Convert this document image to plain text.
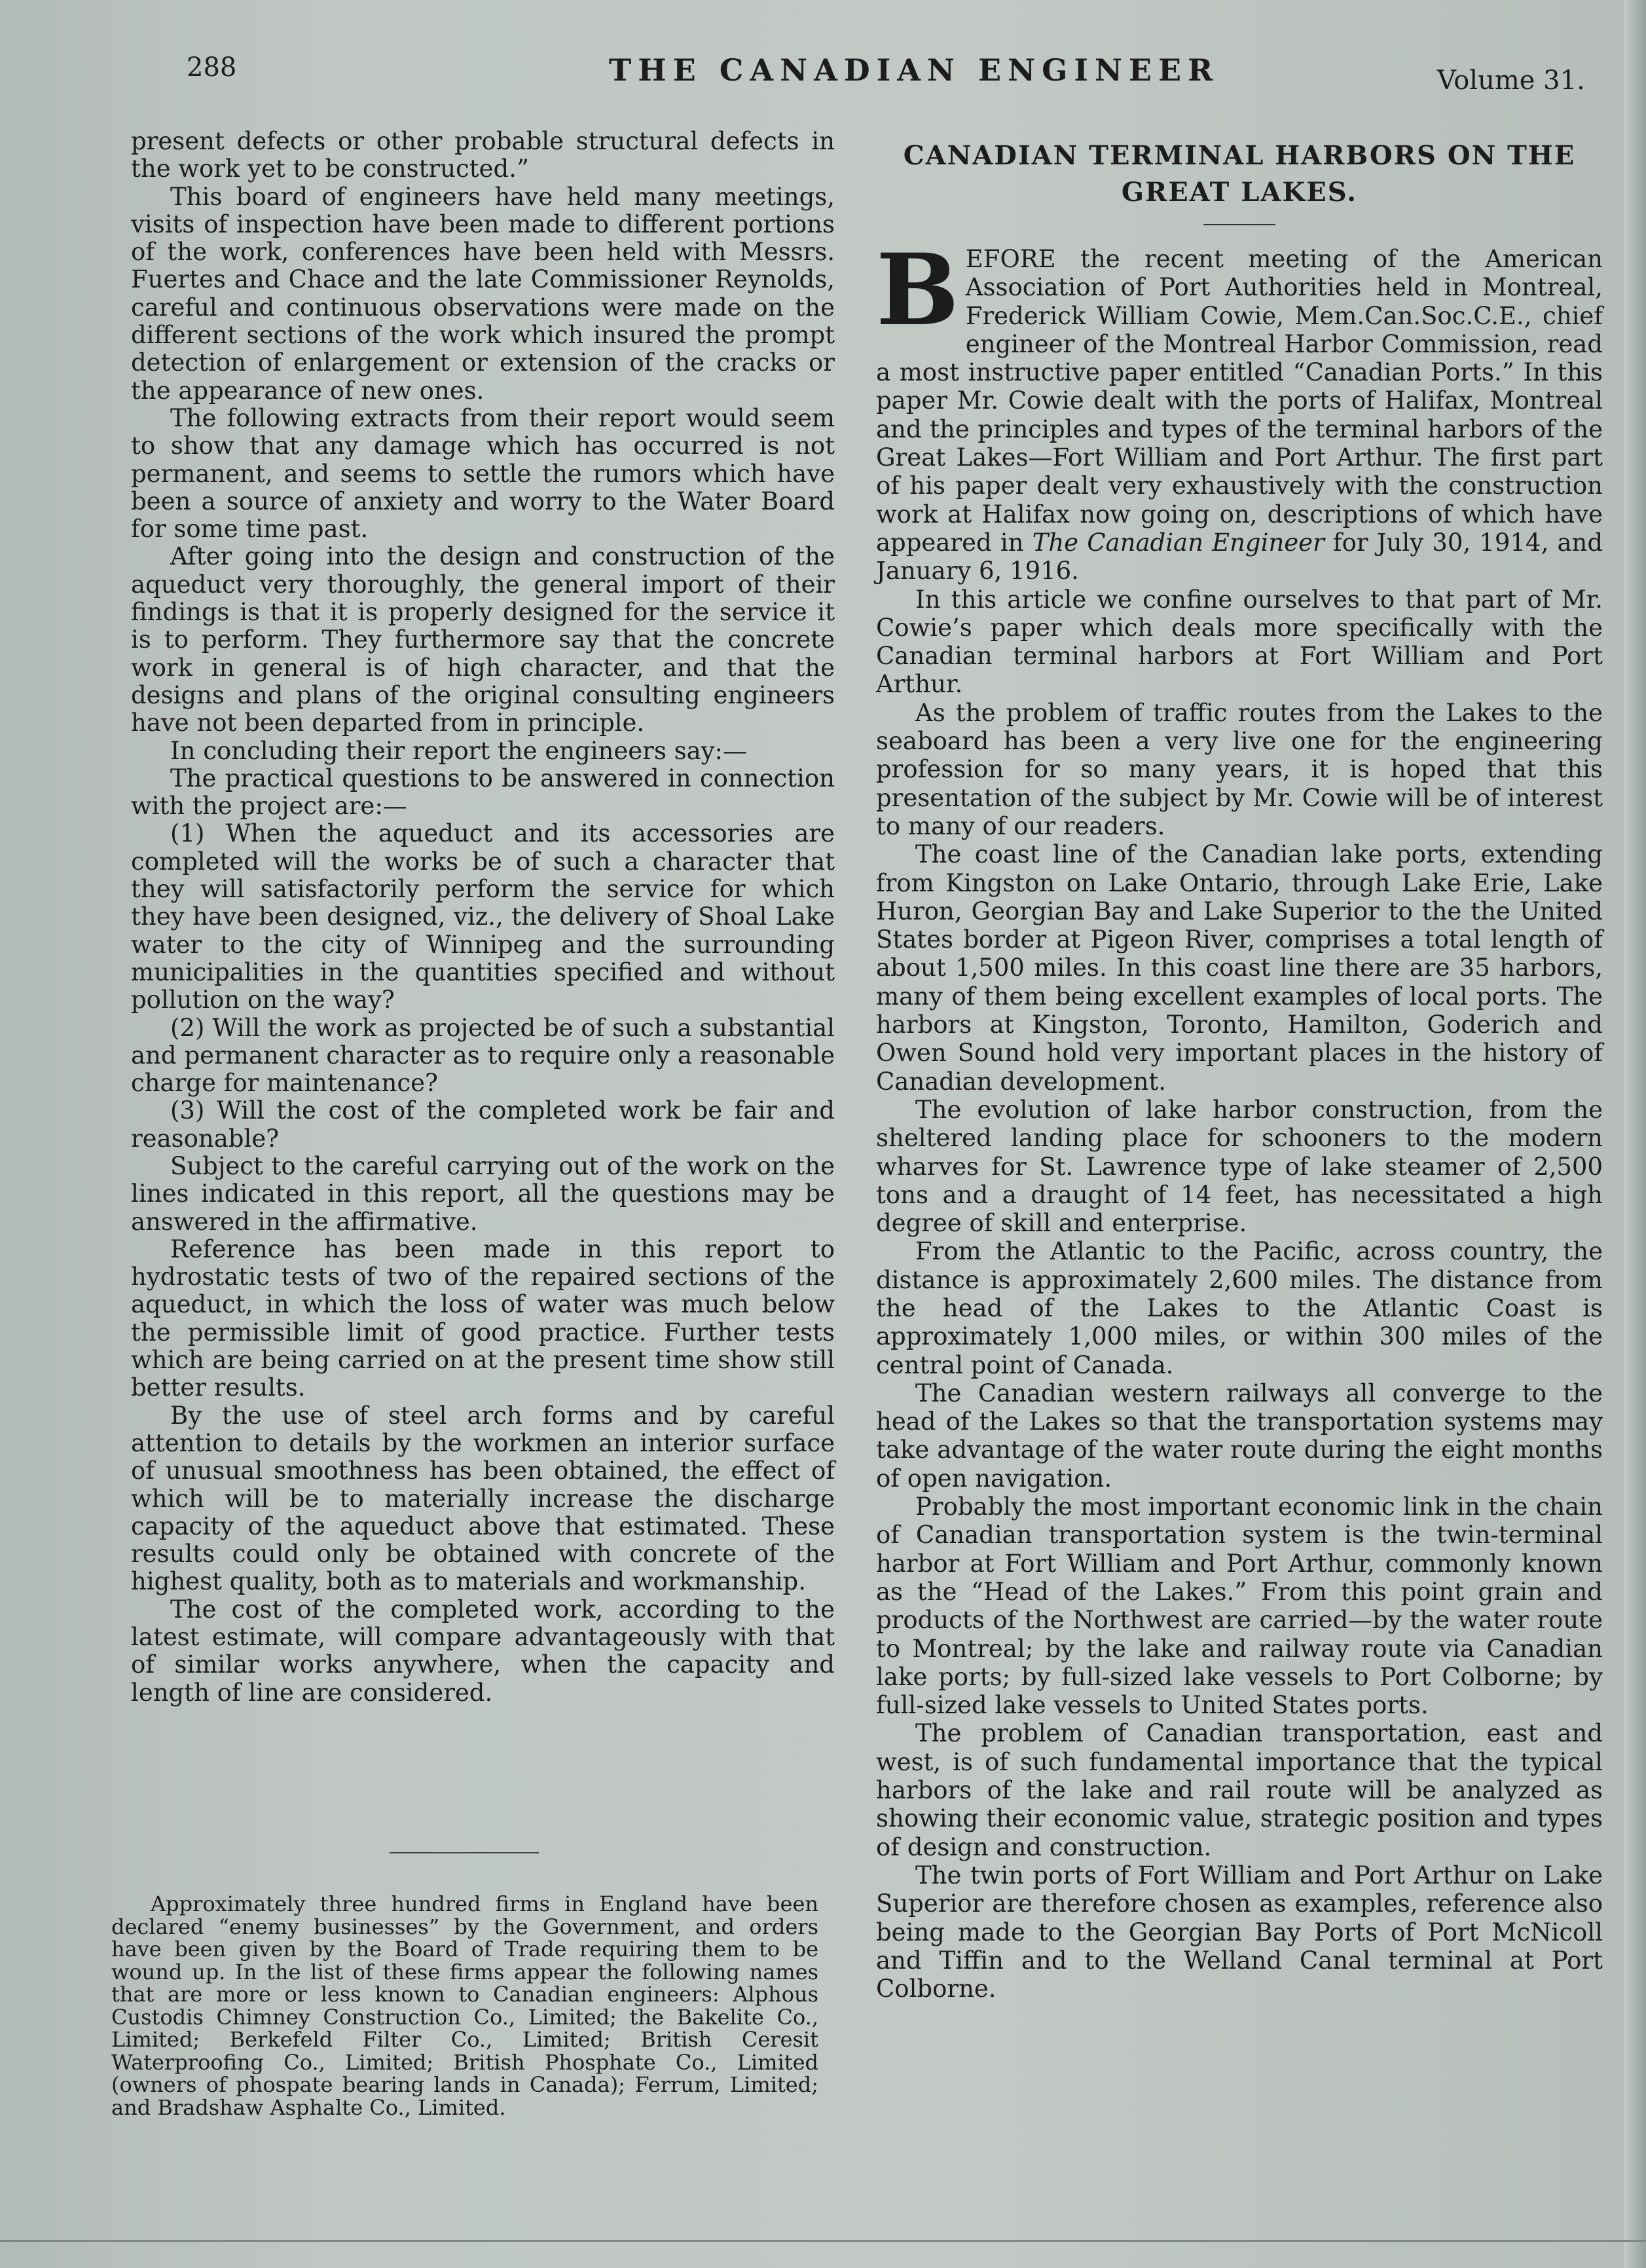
288	THE CANADIAN ENGINEER	Volume 31.

present defects or other probable structural defects in the work yet to be constructed.”

This board of engineers have held many meetings, visits of inspection have been made to different portions of the work, conferences have been held with Messrs. Fuertes and Chace and the late Commissioner Reynolds, careful and continuous observations were made on the different sections of the work which insured the prompt detection of enlargement or extension of the cracks or the appearance of new ones.

The following extracts from their report would seem to show that any damage which has occurred is not permanent, and seems to settle the rumors which have been a source of anxiety and worry to the Water Board for some time past.

After going into the design and construction of the aqueduct very thoroughly, the general import of their findings is that it is properly designed for the service it is to perform. They furthermore say that the concrete work in general is of high character, and that the designs and plans of the original consulting engineers have not been departed from in principle.

In concluding their report the engineers say:—

The practical questions to be answered in connection with the project are:—

(1) When the aqueduct and its accessories are completed will the works be of such a character that they will satisfactorily perform the service for which they have been designed, viz., the delivery of Shoal Lake water to the city of Winnipeg and the surrounding municipalities in the quantities specified and without pollution on the way?

(2) Will the work as projected be of such a substantial and permanent character as to require only a reasonable charge for maintenance?

(3) Will the cost of the completed work be fair and reasonable?

Subject to the careful carrying out of the work on the lines indicated in this report, all the questions may be answered in the affirmative.

Reference has been made in this report to hydrostatic tests of two of the repaired sections of the aqueduct, in which the loss of water was much below the permissible limit of good practice. Further tests which are being carried on at the present time show still better results.

By the use of steel arch forms and by careful attention to details by the workmen an interior surface of unusual smoothness has been obtained, the effect of which will be to materially increase the discharge capacity of the aqueduct above that estimated. These results could only be obtained with concrete of the highest quality, both as to materials and workmanship.

The cost of the completed work, according to the latest estimate, will compare advantageously with that of similar works anywhere, when the capacity and length of line are considered.

Approximately three hundred firms in England have been declared “enemy businesses” by the Government, and orders have been given by the Board of Trade requiring them to be wound up. In the list of these firms appear the following names that are more or less known to Canadian engineers: Alphous Custodis Chimney Construction Co., Limited; the Bakelite Co., Limited; Berkefeld Filter Co., Limited; British Ceresit Waterproofing Co., Limited; British Phosphate Co., Limited (owners of phospate bearing lands in Canada); Ferrum, Limited; and Bradshaw Asphalte Co., Limited.

CANADIAN TERMINAL HARBORS ON THE GREAT LAKES.

BEFORE the recent meeting of the American Association of Port Authorities held in Montreal, Frederick William Cowie, Mem.Can.Soc.C.E., chief engineer of the Montreal Harbor Commission, read a most instructive paper entitled “Canadian Ports.” In this paper Mr. Cowie dealt with the ports of Halifax, Montreal and the principles and types of the terminal harbors of the Great Lakes—Fort William and Port Arthur. The first part of his paper dealt very exhaustively with the construction work at Halifax now going on, descriptions of which have appeared in The Canadian Engineer for July 30, 1914, and January 6, 1916.

In this article we confine ourselves to that part of Mr. Cowie’s paper which deals more specifically with the Canadian terminal harbors at Fort William and Port Arthur.

As the problem of traffic routes from the Lakes to the seaboard has been a very live one for the engineering profession for so many years, it is hoped that this presentation of the subject by Mr. Cowie will be of interest to many of our readers.

The coast line of the Canadian lake ports, extending from Kingston on Lake Ontario, through Lake Erie, Lake Huron, Georgian Bay and Lake Superior to the the United States border at Pigeon River, comprises a total length of about 1,500 miles. In this coast line there are 35 harbors, many of them being excellent examples of local ports. The harbors at Kingston, Toronto, Hamilton, Goderich and Owen Sound hold very important places in the history of Canadian development.

The evolution of lake harbor construction, from the sheltered landing place for schooners to the modern wharves for St. Lawrence type of lake steamer of 2,500 tons and a draught of 14 feet, has necessitated a high degree of skill and enterprise.

From the Atlantic to the Pacific, across country, the distance is approximately 2,600 miles. The distance from the head of the Lakes to the Atlantic Coast is approximately 1,000 miles, or within 300 miles of the central point of Canada.

The Canadian western railways all converge to the head of the Lakes so that the transportation systems may take advantage of the water route during the eight months of open navigation.

Probably the most important economic link in the chain of Canadian transportation system is the twin-terminal harbor at Fort William and Port Arthur, commonly known as the “Head of the Lakes.” From this point grain and products of the Northwest are carried—by the water route to Montreal; by the lake and railway route via Canadian lake ports; by full-sized lake vessels to Port Colborne; by full-sized lake vessels to United States ports.

The problem of Canadian transportation, east and west, is of such fundamental importance that the typical harbors of the lake and rail route will be analyzed as showing their economic value, strategic position and types of design and construction.

The twin ports of Fort William and Port Arthur on Lake Superior are therefore chosen as examples, reference also being made to the Georgian Bay Ports of Port McNicoll and Tiffin and to the Welland Canal terminal at Port Colborne.
